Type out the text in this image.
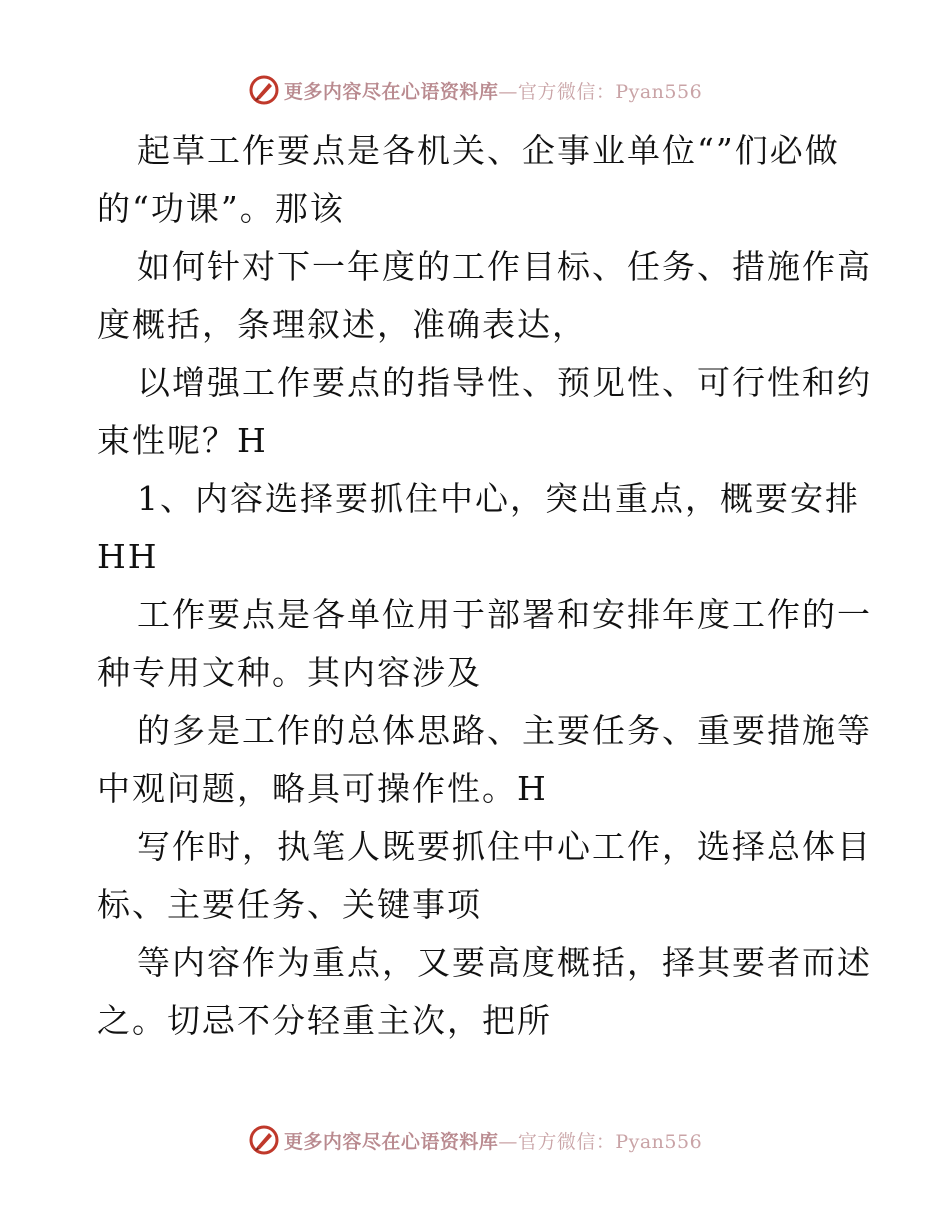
更多内容尽在心语资料库—官方微信：Pyan556
起草工作要点是各机关、企事业单位“”们必做
的“功课”。那该
如何针对下一年度的工作目标、任务、措施作高
度概括，条理叙述，准确表达，
以增强工作要点的指导性、预见性、可行性和约
束性呢？H
1、内容选择要抓住中心，突出重点，概要安排
HH
工作要点是各单位用于部署和安排年度工作的一
种专用文种。其内容涉及
的多是工作的总体思路、主要任务、重要措施等
中观问题，略具可操作性。H
写作时，执笔人既要抓住中心工作，选择总体目
标、主要任务、关键事项
等内容作为重点，又要高度概括，择其要者而述
之。切忌不分轻重主次，把所
更多内容尽在心语资料库—官方微信：Pyan556
